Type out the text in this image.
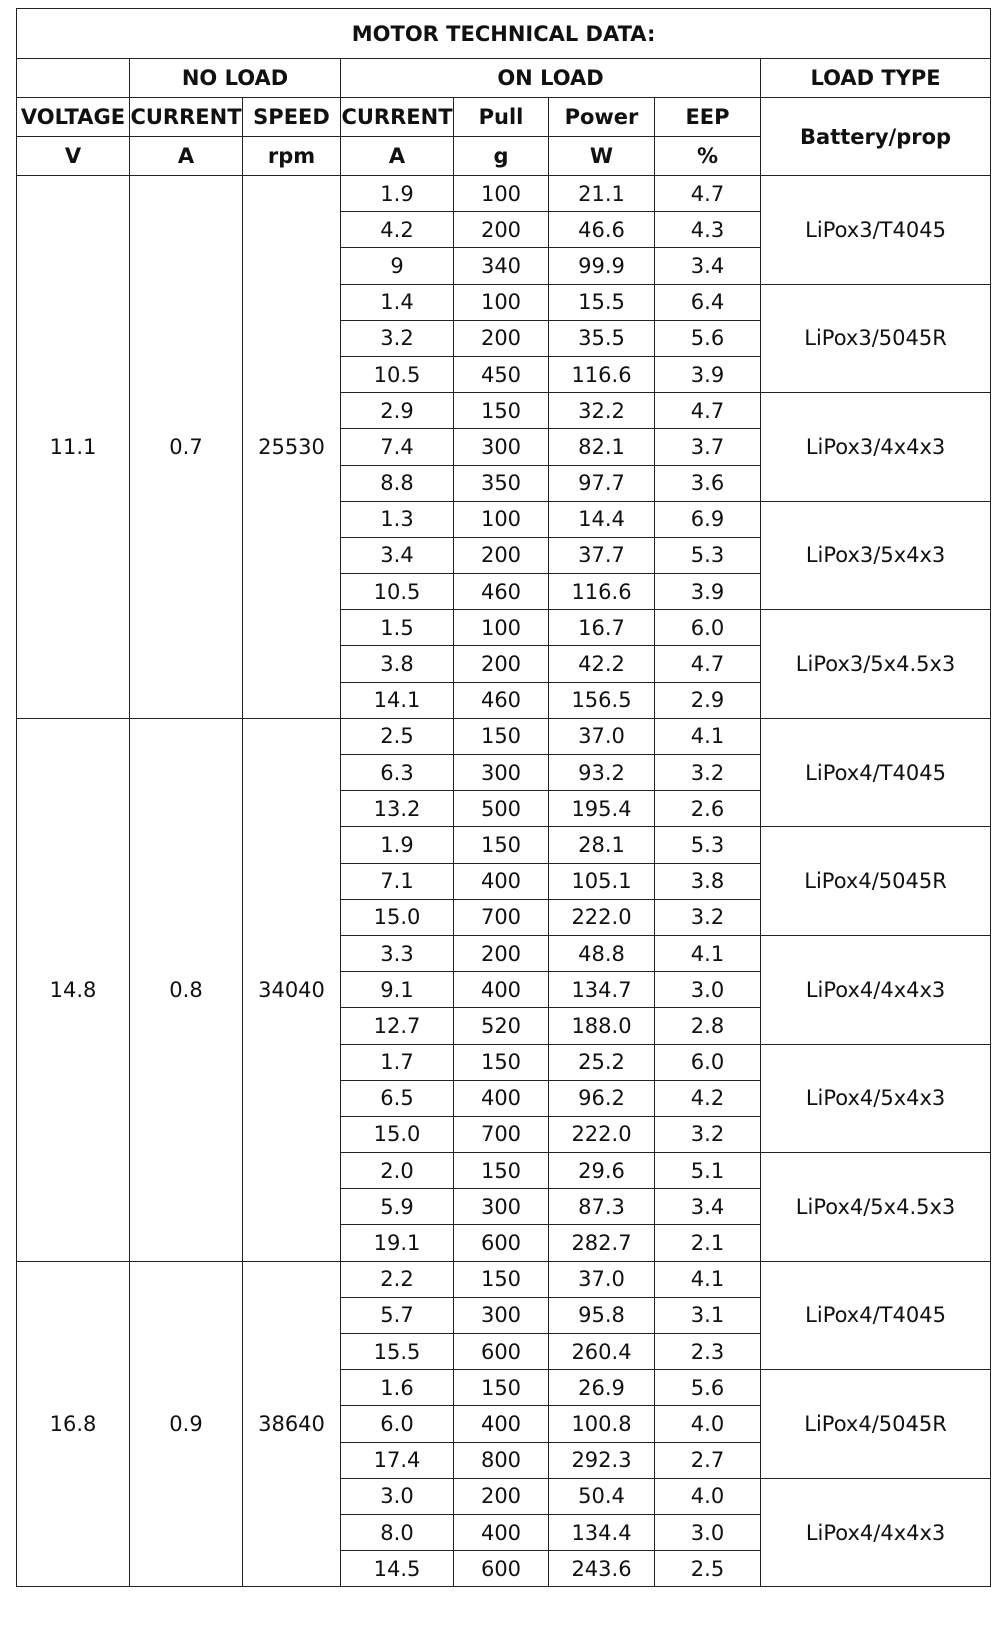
MOTOR TECHNICAL DATA:							
	NO LOAD		ON LOAD				LOAD TYPE
VOLTAGE	CURRENT	SPEED	CURRENT	Pull	Power	EEP	Battery/prop
V	A	rpm	A	g	W	%	
11.1	0.7	25530	1.9	100	21.1	4.7	LiPox3/T4045
			4.2	200	46.6	4.3	
			9	340	99.9	3.4	
			1.4	100	15.5	6.4	LiPox3/5045R
			3.2	200	35.5	5.6	
			10.5	450	116.6	3.9	
			2.9	150	32.2	4.7	LiPox3/4x4x3
			7.4	300	82.1	3.7	
			8.8	350	97.7	3.6	
			1.3	100	14.4	6.9	LiPox3/5x4x3
			3.4	200	37.7	5.3	
			10.5	460	116.6	3.9	
			1.5	100	16.7	6.0	LiPox3/5x4.5x3
			3.8	200	42.2	4.7	
			14.1	460	156.5	2.9	
14.8	0.8	34040	2.5	150	37.0	4.1	LiPox4/T4045
			6.3	300	93.2	3.2	
			13.2	500	195.4	2.6	
			1.9	150	28.1	5.3	LiPox4/5045R
			7.1	400	105.1	3.8	
			15.0	700	222.0	3.2	
			3.3	200	48.8	4.1	LiPox4/4x4x3
			9.1	400	134.7	3.0	
			12.7	520	188.0	2.8	
			1.7	150	25.2	6.0	LiPox4/5x4x3
			6.5	400	96.2	4.2	
			15.0	700	222.0	3.2	
			2.0	150	29.6	5.1	LiPox4/5x4.5x3
			5.9	300	87.3	3.4	
			19.1	600	282.7	2.1	
16.8	0.9	38640	2.2	150	37.0	4.1	LiPox4/T4045
			5.7	300	95.8	3.1	
			15.5	600	260.4	2.3	
			1.6	150	26.9	5.6	LiPox4/5045R
			6.0	400	100.8	4.0	
			17.4	800	292.3	2.7	
			3.0	200	50.4	4.0	LiPox4/4x4x3
			8.0	400	134.4	3.0	
			14.5	600	243.6	2.5	
